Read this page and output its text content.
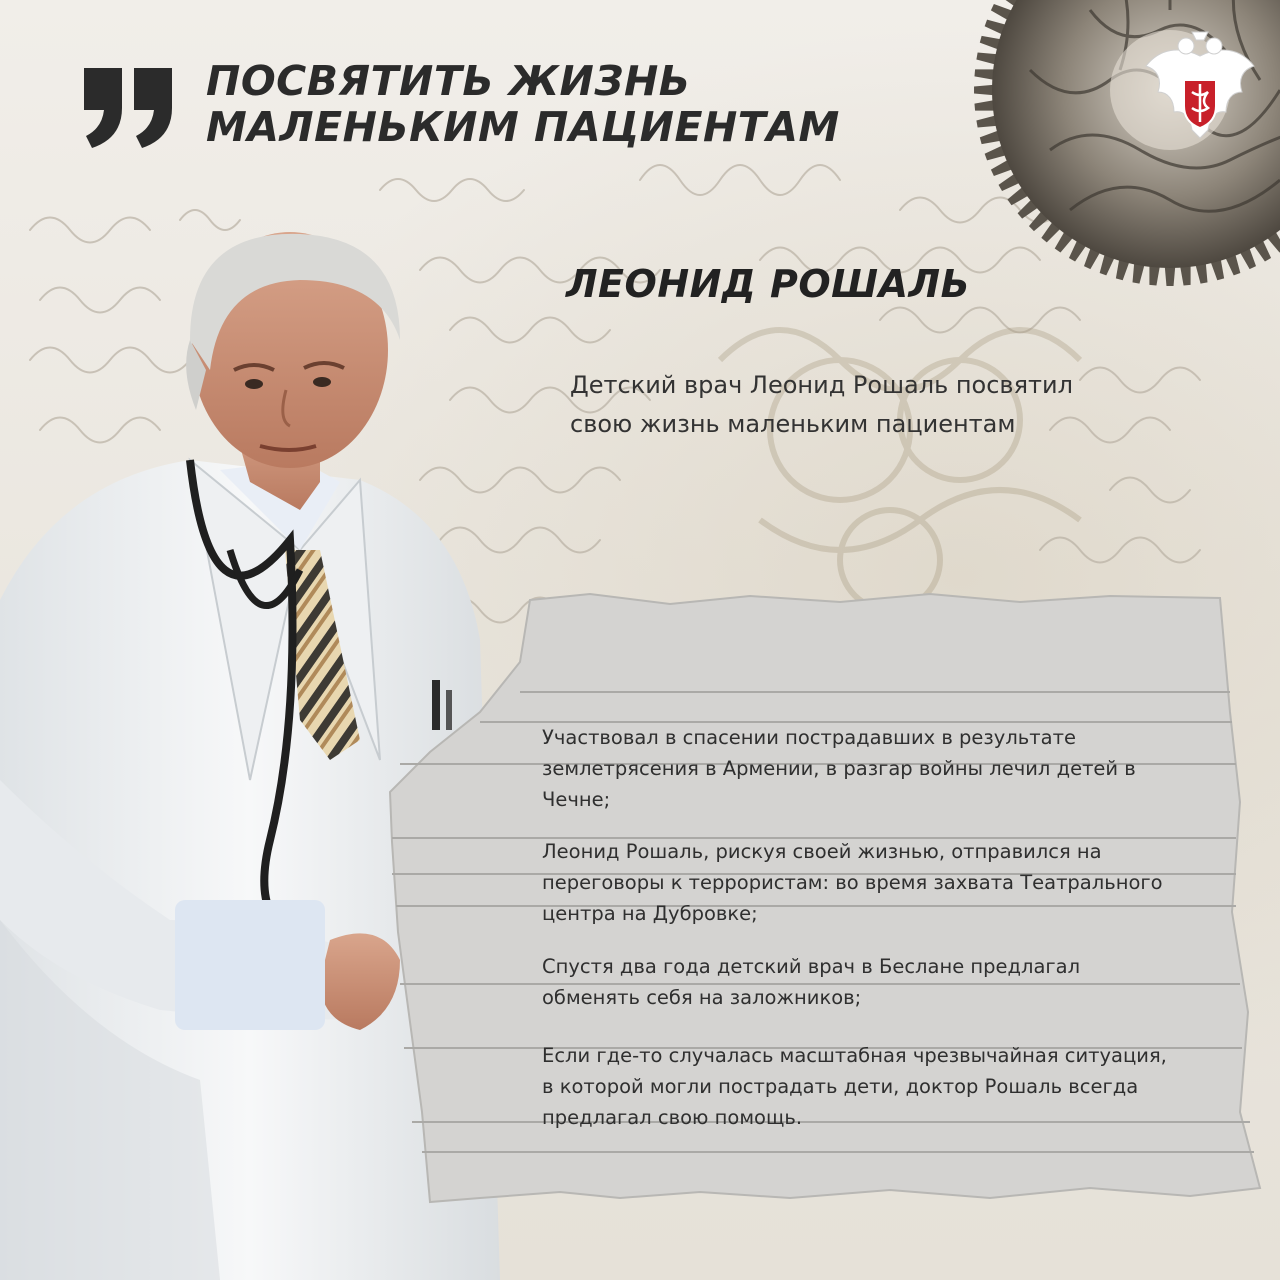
ПОСВЯТИТЬ ЖИЗНЬ
МАЛЕНЬКИМ ПАЦИЕНТАМ
ЛЕОНИД РОШАЛЬ
Детский врач Леонид Рошаль посвятил свою жизнь маленьким пациентам

Участвовал в спасении пострадавших в результате землетрясения в Армении, в разгар войны лечил детей в Чечне;

Леонид Рошаль, рискуя своей жизнью, отправился на переговоры к террористам: во время захвата Театрального центра на Дубровке;

Спустя два года детский врач в Беслане предлагал обменять себя на заложников;

Если где-то случалась масштабная чрезвычайная ситуация, в которой могли пострадать дети, доктор Рошаль всегда предлагал свою помощь.
